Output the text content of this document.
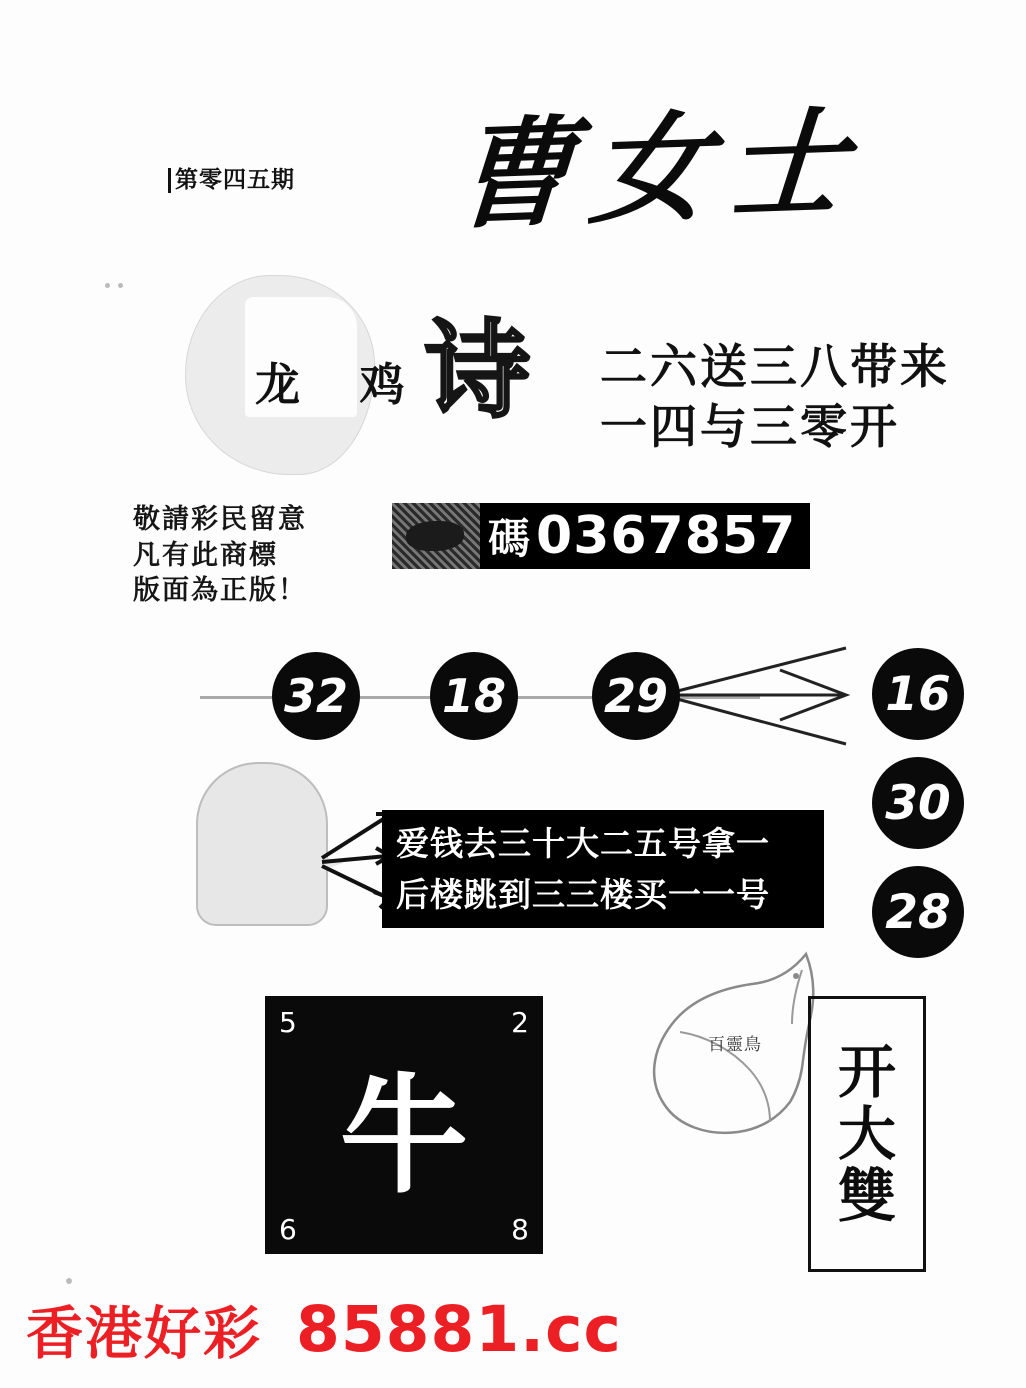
第零四五期 曹女士
龙 鸡
诗 二六送三八带来
一四与三零开
敬請彩民留意
凡有此商標
版面為正版！
碼 0367857
32 18 29	16
30
28
爱钱去三十大二五号拿一
后楼跳到三三楼买一一号
5	2
6	8
牛
百靈鳥 开
大
雙
香港好彩 85881.cc
